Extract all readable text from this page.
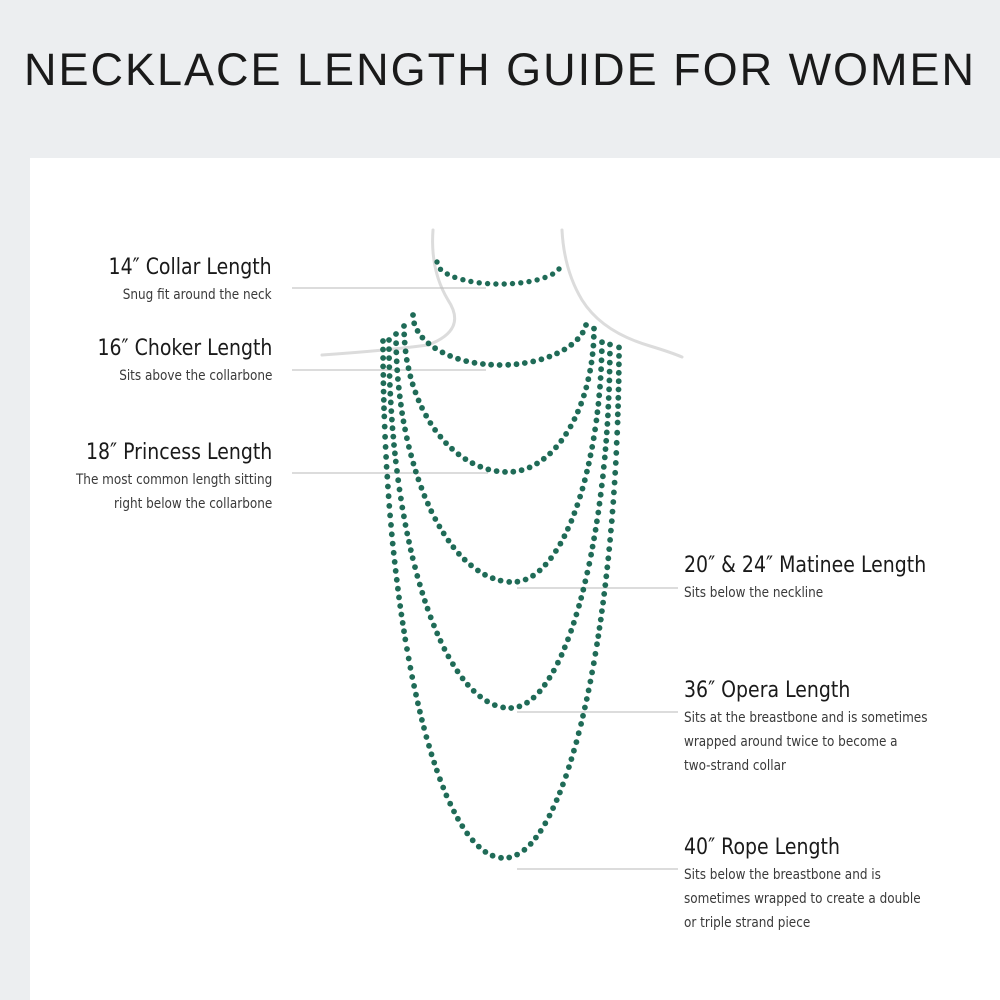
NECKLACE LENGTH GUIDE FOR WOMEN
14″ Collar Length
Snug fit around the neck
16″ Choker Length
Sits above the collarbone
18″ Princess Length
The most common length sitting
right below the collarbone
20″ & 24″ Matinee Length
Sits below the neckline
36″ Opera Length
Sits at the breastbone and is sometimes
wrapped around twice to become a
two-strand collar
40″ Rope Length
Sits below the breastbone and is
sometimes wrapped to create a double
or triple strand piece
